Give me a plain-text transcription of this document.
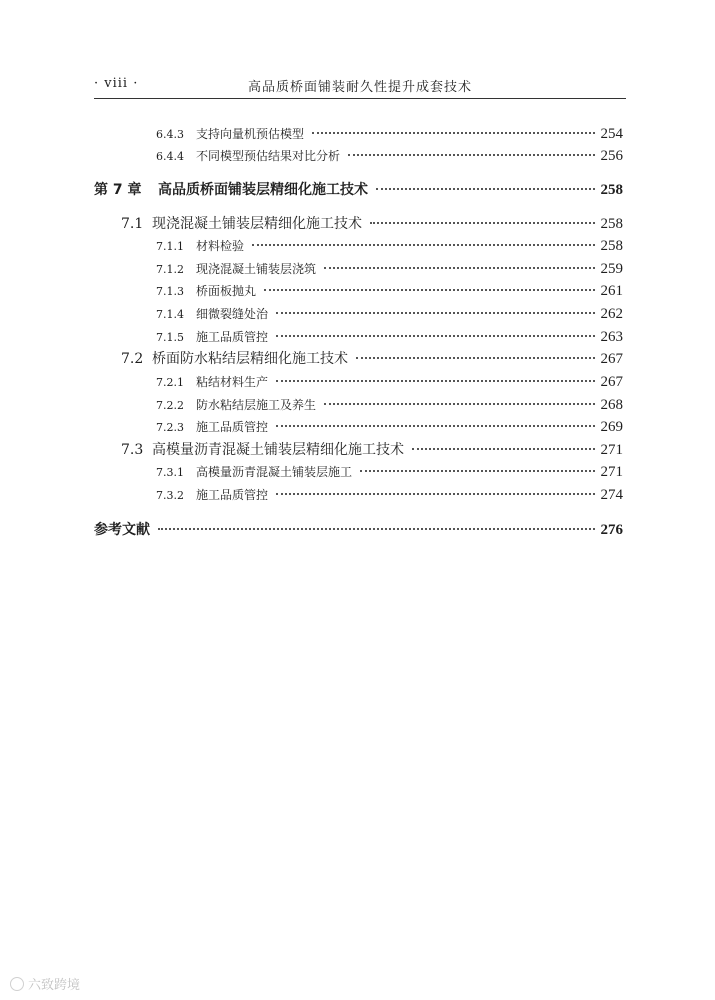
· viii ·	高品质桥面铺装耐久性提升成套技术
6.4.3	支持向量机预估模型	254
6.4.4	不同模型预估结果对比分析	256
第 7 章	高品质桥面铺装层精细化施工技术	258
7.1 现浇混凝土铺装层精细化施工技术	258
7.1.1	材料检验	258
7.1.2	现浇混凝土铺装层浇筑	259
7.1.3	桥面板抛丸	261
7.1.4	细微裂缝处治	262
7.1.5	施工品质管控	263
7.2 桥面防水粘结层精细化施工技术	267
7.2.1	粘结材料生产	267
7.2.2	防水粘结层施工及养生	268
7.2.3	施工品质管控	269
7.3 高模量沥青混凝土铺装层精细化施工技术	271
7.3.1	高模量沥青混凝土铺装层施工	271
7.3.2	施工品质管控	274
参考文献	276
六致跨境
